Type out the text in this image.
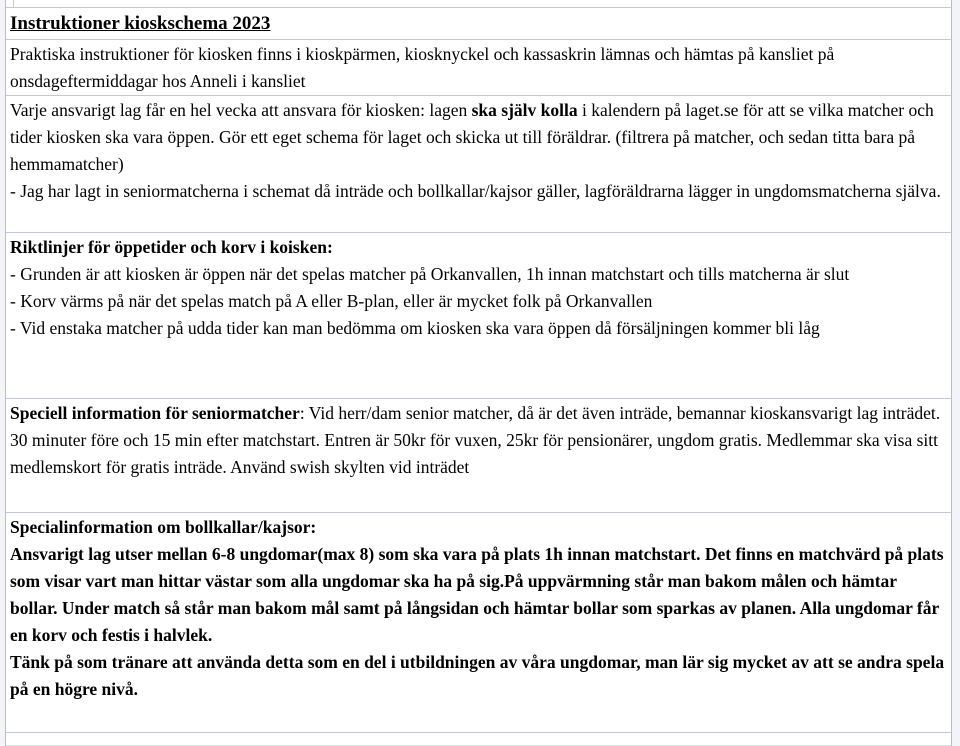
Instruktioner kioskschema 2023
Praktiska instruktioner för kiosken finns i kioskpärmen, kiosknyckel och kassaskrin lämnas och hämtas på kansliet på onsdageftermiddagar hos Anneli i kansliet
Varje ansvarigt lag får en hel vecka att ansvara för kiosken: lagen ska själv kolla i kalendern på laget.se för att se vilka matcher och tider kiosken ska vara öppen. Gör ett eget schema för laget och skicka ut till föräldrar. (filtrera på matcher, och sedan titta bara på hemmamatcher)
- Jag har lagt in seniormatcherna i schemat då inträde och bollkallar/kajsor gäller, lagföräldrarna lägger in ungdomsmatcherna själva.
Riktlinjer för öppetider och korv i koisken:
- Grunden är att kiosken är öppen när det spelas matcher på Orkanvallen, 1h innan matchstart och tills matcherna är slut
- Korv värms på när det spelas match på A eller B-plan, eller är mycket folk på Orkanvallen
- Vid enstaka matcher på udda tider kan man bedömma om kiosken ska vara öppen då försäljningen kommer bli låg
Speciell information för seniormatcher: Vid herr/dam senior matcher, då är det även inträde, bemannar kioskansvarigt lag inträdet. 30 minuter före och 15 min efter matchstart. Entren är 50kr för vuxen, 25kr för pensionärer, ungdom gratis. Medlemmar ska visa sitt medlemskort för gratis inträde. Använd swish skylten vid inträdet
Specialinformation om bollkallar/kajsor:
Ansvarigt lag utser mellan 6-8 ungdomar(max 8) som ska vara på plats 1h innan matchstart. Det finns en matchvärd på plats som visar vart man hittar västar som alla ungdomar ska ha på sig.På uppvärmning står man bakom målen och hämtar bollar. Under match så står man bakom mål samt på långsidan och hämtar bollar som sparkas av planen. Alla ungdomar får en korv och festis i halvlek.
Tänk på som tränare att använda detta som en del i utbildningen av våra ungdomar, man lär sig mycket av att se andra spela på en högre nivå.
